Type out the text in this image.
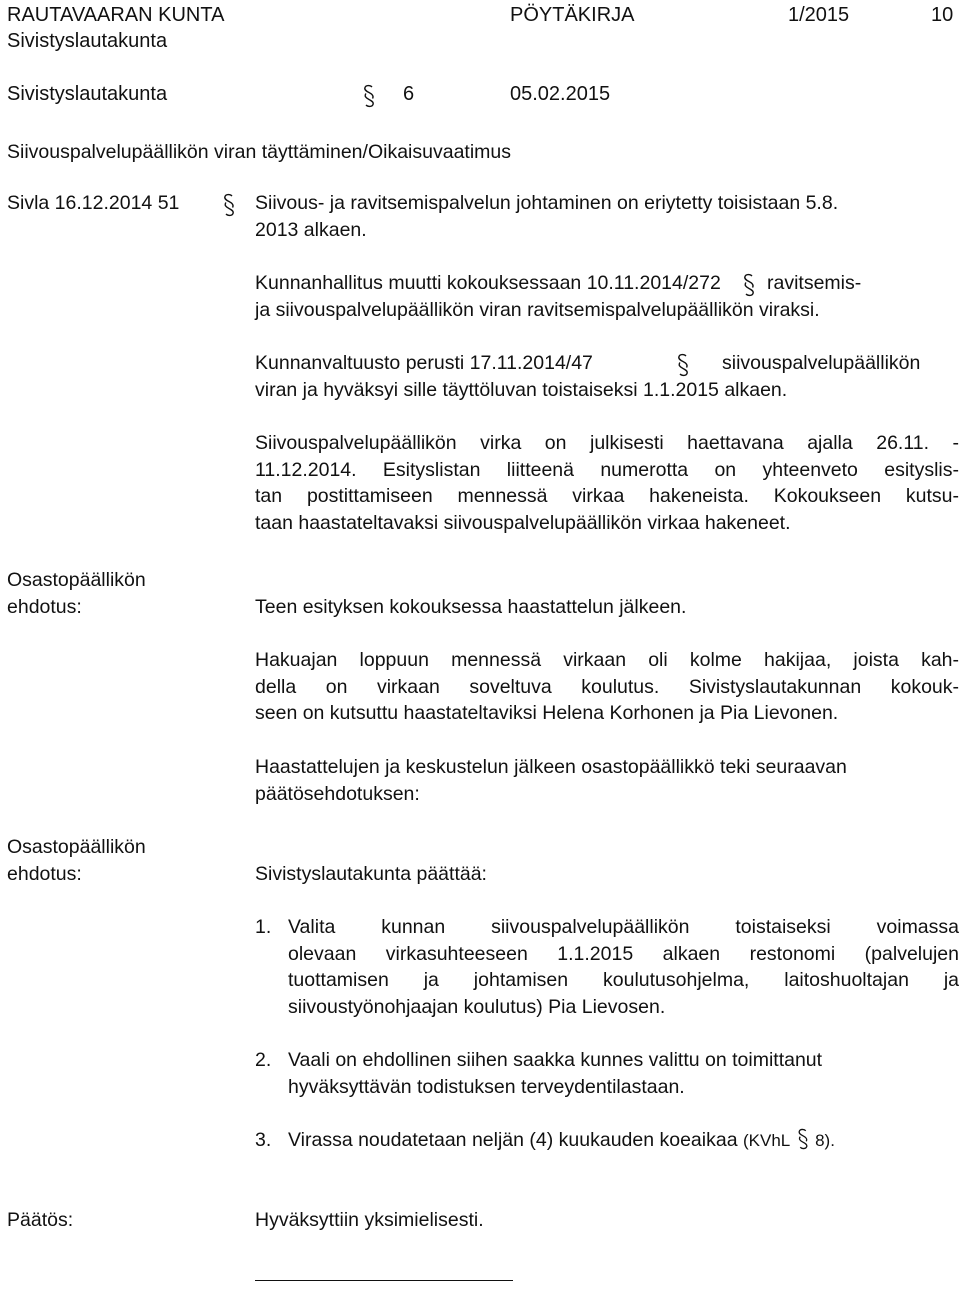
RAUTAVAARAN KUNTA	PÖYTÄKIRJA	1/2015	10
Sivistyslautakunta
Sivistyslautakunta	6	05.02.2015
Siivouspalvelupäällikön viran täyttäminen/Oikaisuvaatimus
Sivla 16.12.2014 51	Siivous- ja ravitsemispalvelun johtaminen on eriytetty toisistaan 5.8.
2013 alkaen.
Kunnanhallitus muutti kokouksessaan 10.11.2014/272 ravitsemis-
ja siivouspalvelupäällikön viran ravitsemispalvelupäällikön viraksi.
Kunnanvaltuusto perusti 17.11.2014/47	siivouspalvelupäällikön
viran ja hyväksyi sille täyttöluvan toistaiseksi 1.1.2015 alkaen.
Siivouspalvelupäällikön virka on julkisesti haettavana ajalla 26.11. -
11.12.2014. Esityslistan liitteenä numerotta on yhteenveto esityslis-
tan postittamiseen mennessä virkaa hakeneista. Kokoukseen kutsu-
taan haastateltavaksi siivouspalvelupäällikön virkaa hakeneet.
Osastopäällikön
ehdotus:	Teen esityksen kokouksessa haastattelun jälkeen.
Hakuajan loppuun mennessä virkaan oli kolme hakijaa, joista kah-
della on virkaan soveltuva koulutus. Sivistyslautakunnan kokouk-
seen on kutsuttu haastateltaviksi Helena Korhonen ja Pia Lievonen.
Haastattelujen ja keskustelun jälkeen osastopäällikkö teki seuraavan
päätösehdotuksen:
Osastopäällikön
ehdotus:	Sivistyslautakunta päättää:
1. Valita kunnan siivouspalvelupäällikön toistaiseksi voimassa
olevaan virkasuhteeseen 1.1.2015 alkaen restonomi (palvelujen
tuottamisen ja johtamisen koulutusohjelma, laitoshuoltajan ja
siivoustyönohjaajan koulutus) Pia Lievosen.
2. Vaali on ehdollinen siihen saakka kunnes valittu on toimittanut
hyväksyttävän todistuksen terveydentilastaan.
3. Virassa noudatetaan neljän (4) kuukauden koeaikaa (KVhL 8).
Päätös:	Hyväksyttiin yksimielisesti.
